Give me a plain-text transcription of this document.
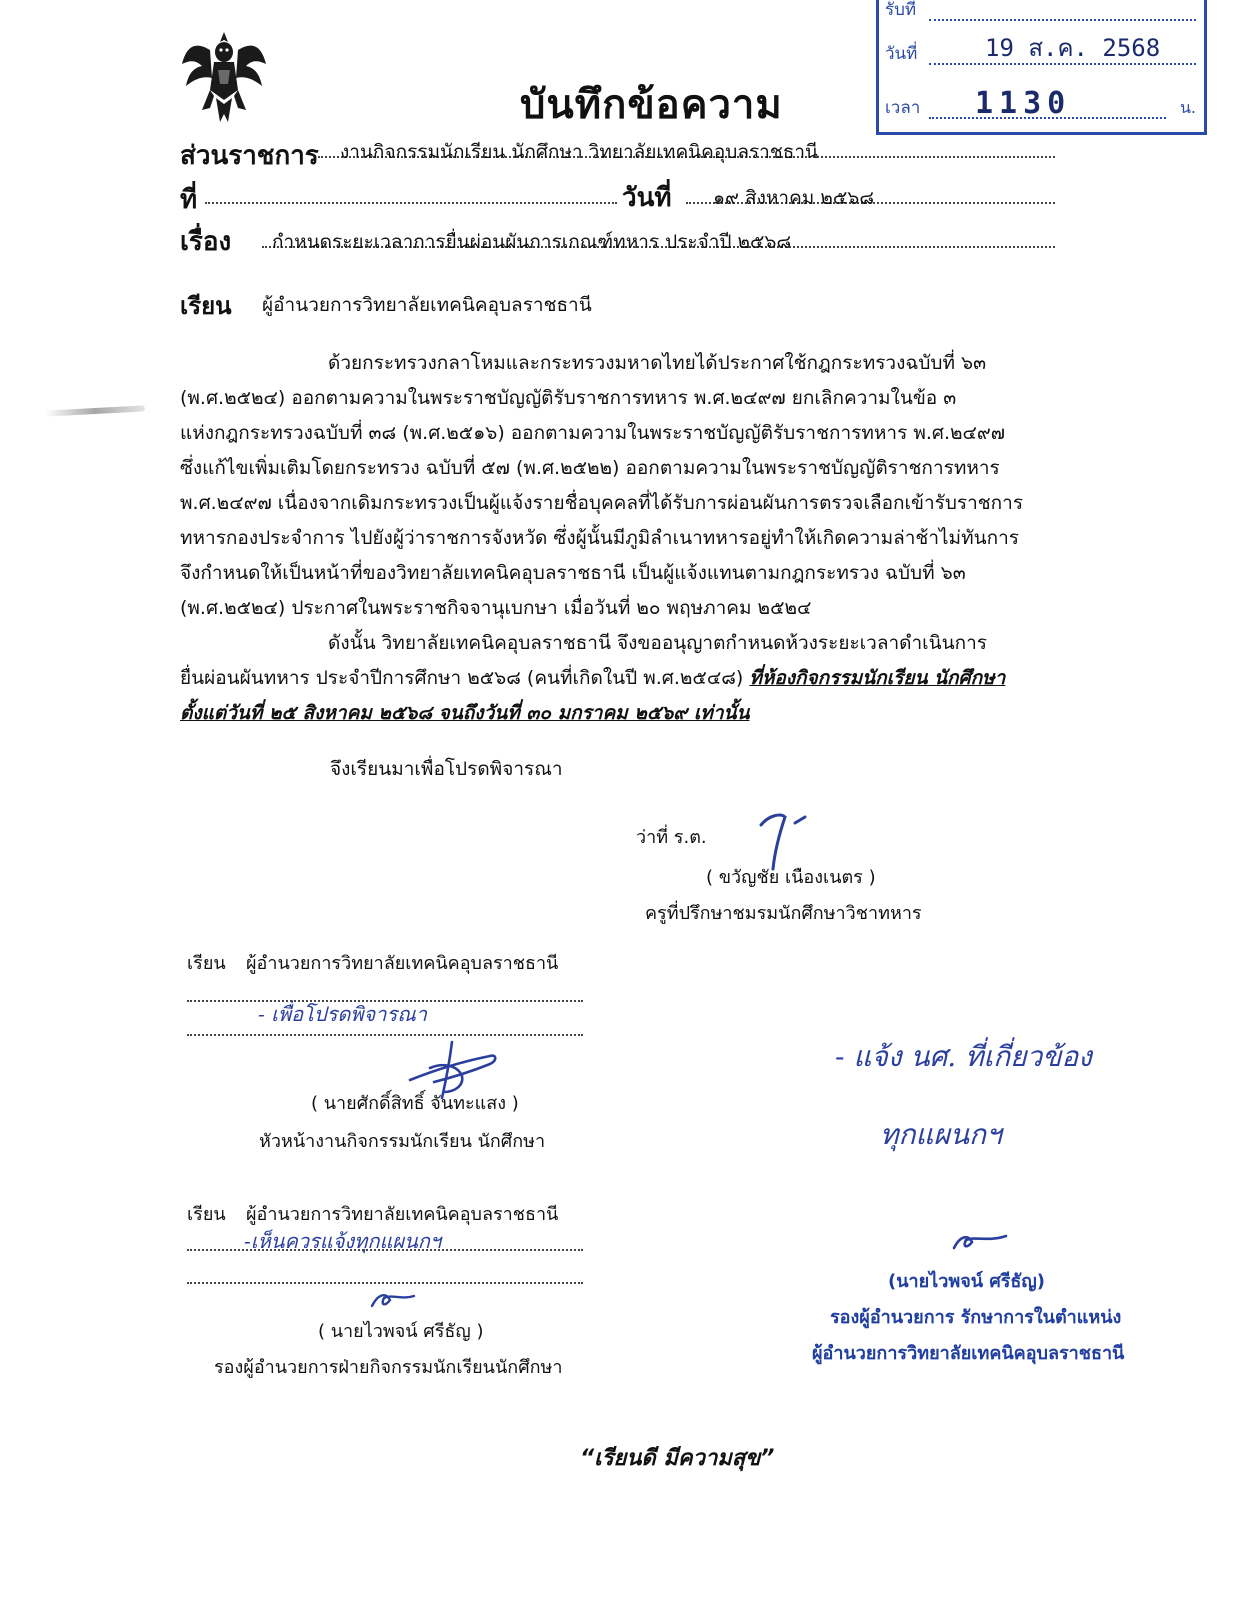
รับที่
วันที่	19 ส.ค. 2568
เวลา 1130	น.
บันทึกข้อความ
ส่วนราชการ งานกิจกรรมนักเรียน นักศึกษา วิทยาลัยเทคนิคอุบลราชธานี
ที่	วันที่ ๑๙ สิงหาคม ๒๕๖๘
เรื่อง กำหนดระยะเวลาการยื่นผ่อนผันการเกณฑ์ทหาร ประจำปี ๒๕๖๘
เรียน ผู้อำนวยการวิทยาลัยเทคนิคอุบลราชธานี
ด้วยกระทรวงกลาโหมและกระทรวงมหาดไทยได้ประกาศใช้กฎกระทรวงฉบับที่ ๖๓
(พ.ศ.๒๕๒๔) ออกตามความในพระราชบัญญัติรับราชการทหาร พ.ศ.๒๔๙๗ ยกเลิกความในข้อ ๓
แห่งกฎกระทรวงฉบับที่ ๓๘ (พ.ศ.๒๕๑๖) ออกตามความในพระราชบัญญัติรับราชการทหาร พ.ศ.๒๔๙๗
ซึ่งแก้ไขเพิ่มเติมโดยกระทรวง ฉบับที่ ๕๗ (พ.ศ.๒๕๒๒) ออกตามความในพระราชบัญญัติราชการทหาร
พ.ศ.๒๔๙๗ เนื่องจากเดิมกระทรวงเป็นผู้แจ้งรายชื่อบุคคลที่ได้รับการผ่อนผันการตรวจเลือกเข้ารับราชการ
ทหารกองประจำการ ไปยังผู้ว่าราชการจังหวัด ซึ่งผู้นั้นมีภูมิลำเนาทหารอยู่ทำให้เกิดความล่าช้าไม่ทันการ
จึงกำหนดให้เป็นหน้าที่ของวิทยาลัยเทคนิคอุบลราชธานี เป็นผู้แจ้งแทนตามกฎกระทรวง ฉบับที่ ๖๓
(พ.ศ.๒๕๒๔) ประกาศในพระราชกิจจานุเบกษา เมื่อวันที่ ๒๐ พฤษภาคม ๒๕๒๔
ดังนั้น วิทยาลัยเทคนิคอุบลราชธานี จึงขออนุญาตกำหนดห้วงระยะเวลาดำเนินการ
ยื่นผ่อนผันทหาร ประจำปีการศึกษา ๒๕๖๘ (คนที่เกิดในปี พ.ศ.๒๕๔๘) ที่ห้องกิจกรรมนักเรียน นักศึกษา
ตั้งแต่วันที่ ๒๕ สิงหาคม ๒๕๖๘ จนถึงวันที่ ๓๐ มกราคม ๒๕๖๙ เท่านั้น
จึงเรียนมาเพื่อโปรดพิจารณา
ว่าที่ ร.ต.
( ขวัญชัย เนืองเนตร )
ครูที่ปรึกษาชมรมนักศึกษาวิชาทหาร
เรียน ผู้อำนวยการวิทยาลัยเทคนิคอุบลราชธานี
- เพื่อโปรดพิจารณา
( นายศักดิ์สิทธิ์ จันทะแสง )
หัวหน้างานกิจกรรมนักเรียน นักศึกษา
เรียน ผู้อำนวยการวิทยาลัยเทคนิคอุบลราชธานี
-เห็นควรแจ้งทุกแผนกฯ
( นายไวพจน์ ศรีธัญ )
รองผู้อำนวยการฝ่ายกิจกรรมนักเรียนนักศึกษา
- แจ้ง นศ. ที่เกี่ยวข้อง
ทุกแผนกฯ
(นายไวพจน์ ศรีธัญ)
รองผู้อำนวยการ รักษาการในตำแหน่ง
ผู้อำนวยการวิทยาลัยเทคนิคอุบลราชธานี
“เรียนดี มีความสุข”
